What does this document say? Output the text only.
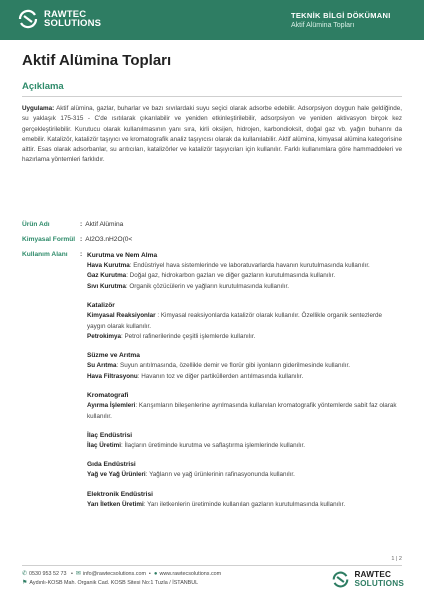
RAWTEC
SOLUTIONS
TEKNİK BİLGİ DÖKÜMANI
Aktif Alümina Topları
Aktif Alümina Topları
Açıklama
Uygulama: Aktif alümina, gazlar, buharlar ve bazı sıvılardaki suyu seçici olarak adsorbe edebilir. Adsorpsiyon doygun hale geldiğinde, su yaklaşık 175-315 - C'de ısıtılarak çıkarılabilir ve yeniden etkinleştirilebilir, adsorpsiyon ve yeniden aktivasyon birçok kez gerçekleştirilebilir. Kurutucu olarak kullanılmasının yanı sıra, kirli oksijen, hidrojen, karbondioksit, doğal gaz vb. yağın buharını da emebilir. Katalizör, katalizör taşıyıcı ve kromatografik analiz taşıyıcısı olarak da kullanılabilir. Aktif alümina, kimyasal alümina kategorisine aittir. Esas olarak adsorbanlar, su arıtıcıları, katalizörler ve katalizör taşıyıcıları için kullanılır. Farklı kullanımlara göre hammaddeleri ve hazırlama yöntemleri farklıdır.
Ürün Adı	: Aktif Alümina
Kimyasal Formül : Al2O3.nH2O(0<
Kullanım Alanı : Kurutma ve Nem Alma
Hava Kurutma: Endüstriyel hava sistemlerinde ve laboratuvarlarda havanın kurutulmasında kullanılır.
Gaz Kurutma: Doğal gaz, hidrokarbon gazları ve diğer gazların kurutulmasında kullanılır.
Sıvı Kurutma: Organik çözücülerin ve yağların kurutulmasında kullanılır.
Katalizör
Kimyasal Reaksiyonlar : Kimyasal reaksiyonlarda katalizör olarak kullanılır. Özellikle organik sentezlerde yaygın olarak kullanılır.
Petrokimya: Petrol rafinerilerinde çeşitli işlemlerde kullanılır.
Süzme ve Arıtma
Su Arıtma: Suyun arıtılmasında, özellikle demir ve florür gibi iyonların giderilmesinde kullanılır.
Hava Filtrasyonu: Havanın toz ve diğer partiküllerden arıtılmasında kullanılır.
Kromatografi
Ayırma İşlemleri: Karışımların bileşenlerine ayrılmasında kullanılan kromatografik yöntemlerde sabit faz olarak kullanılır.
İlaç Endüstrisi
İlaç Üretimi: İlaçların üretiminde kurutma ve saflaştırma işlemlerinde kullanılır.
Gıda Endüstrisi
Yağ ve Yağ Ürünleri: Yağların ve yağ ürünlerinin rafinasyonunda kullanılır.
Elektronik Endüstrisi
Yarı İletken Üretimi: Yarı iletkenlerin üretiminde kullanılan gazların kurutulmasında kullanılır.
1 | 2
✆ 0530 953 52 73   •  ✉ info@rawtecsolutions.com  •  ● www.rawtecsolutions.com
⚑ Aydınlı-KOSB Mah. Organik Cad. KOSB Sitesi No:1 Tuzla / İSTANBUL
RAWTEC
SOLUTIONS
